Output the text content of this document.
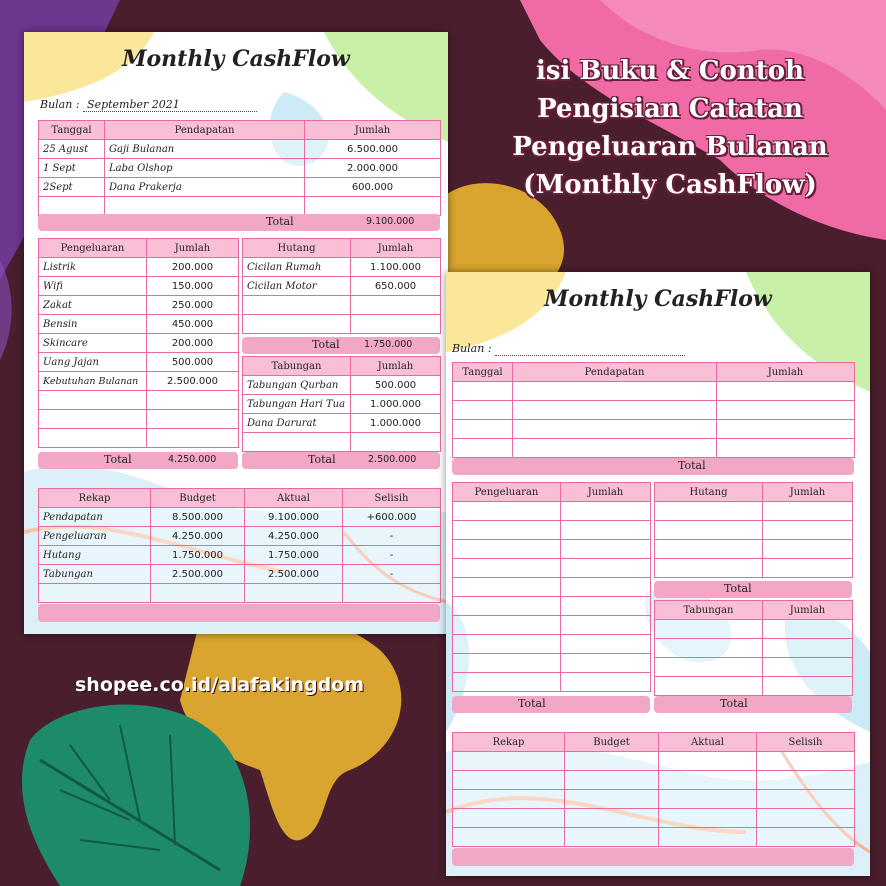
isi Buku & Contoh
Pengisian Catatan
Pengeluaran Bulanan
(Monthly CashFlow)
shopee.co.id/alafakingdom
Monthly CashFlow
Bulan : September 2021
Tanggal	Pendapatan	Jumlah
25 Agust	Gaji Bulanan	6.500.000
1 Sept	Laba Olshop	2.000.000
2Sept	Dana Prakerja	600.000

Total	9.100.000
Pengeluaran	Jumlah
Listrik	200.000
Wifi	150.000
Zakat	250.000
Bensin	450.000
Skincare	200.000
Uang Jajan	500.000
Kebutuhan Bulanan	2.500.000

Total	4.250.000
Hutang	Jumlah
Cicilan Rumah	1.100.000
Cicilan Motor	650.000

Total	1.750.000
Tabungan	Jumlah
Tabungan Qurban	500.000
Tabungan Hari Tua	1.000.000
Dana Darurat	1.000.000

Total	2.500.000
Rekap	Budget	Aktual	Selisih
Pendapatan	8.500.000	9.100.000	+600.000
Pengeluaran	4.250.000	4.250.000	-
Hutang	1.750.000	1.750.000	-
Tabungan	2.500.000	2.500.000	-

Monthly CashFlow
Bulan :
Tanggal	Pendapatan	Jumlah

Total
Pengeluaran	Jumlah

Total
Hutang	Jumlah

Total
Tabungan	Jumlah

Total
Rekap	Budget	Aktual	Selisih
